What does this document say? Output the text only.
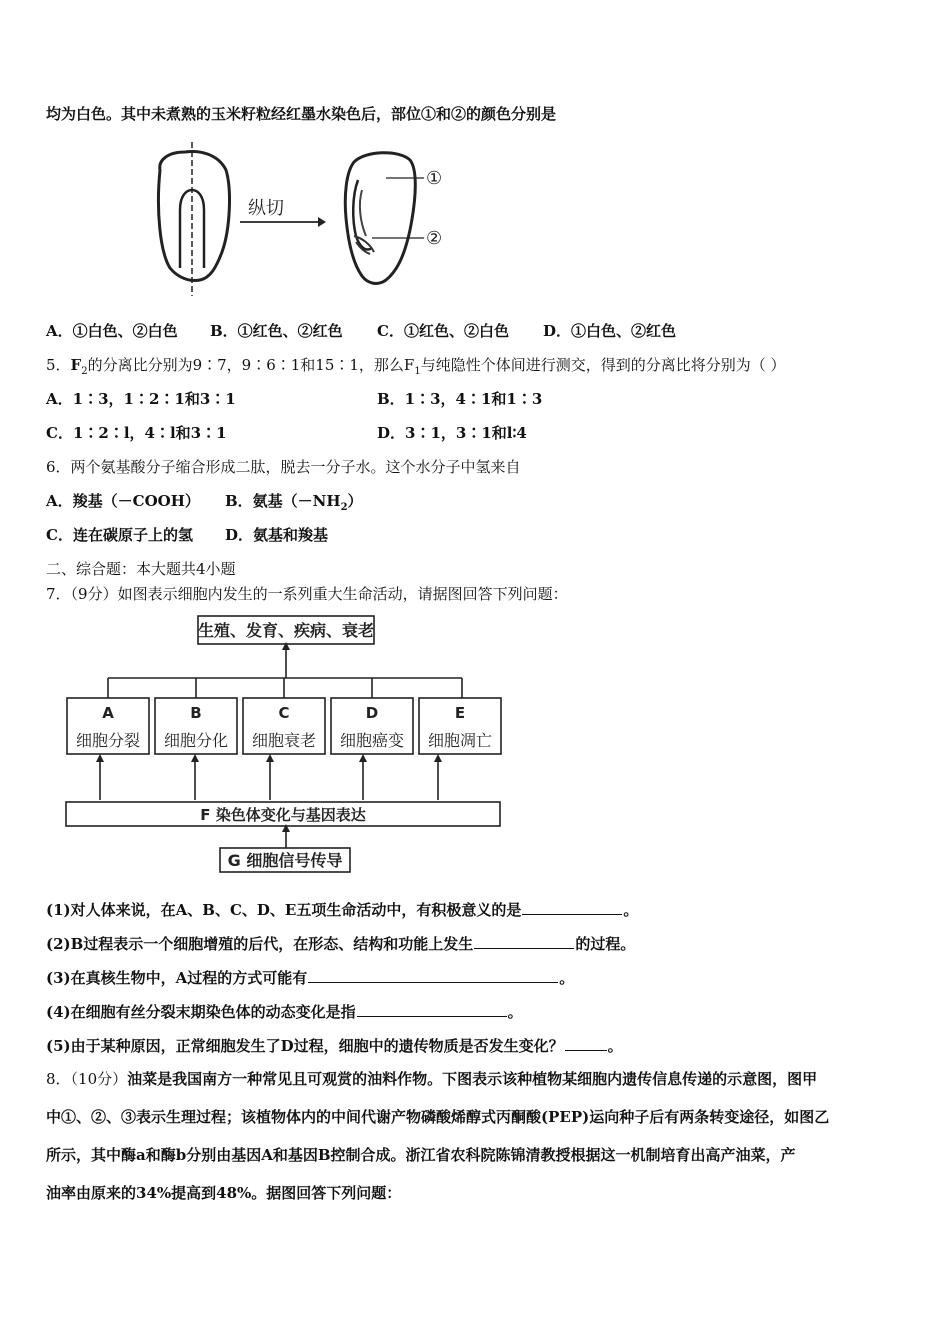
均为白色。其中未煮熟的玉米籽粒经红墨水染色后，部位①和②的颜色分别是
纵切
①
②
A．①白色、②白色 B．①红色、②红色 C．①红色、②白色 D．①白色、②红色
5．$F_2$的分离比分别为9∶7，9∶6∶1和15∶1，那么$F_1$与纯隐性个体间进行测交，得到的分离比将分别为（ ）
A．1∶3，1∶2∶1和3∶1	B．1∶3，4∶1和1∶3
C．1∶2∶l，4∶l和3∶1	D．3∶1，3∶1和l∶4
6．两个氨基酸分子缩合形成二肽，脱去一分子水。这个水分子中氢来自
A．羧基（－COOH） B．氨基$(-NH_2)$
C．连在碳原子上的氢 D．氨基和羧基
二、综合题：本大题共4小题
7．（9分）如图表示细胞内发生的一系列重大生命活动，请据图回答下列问题：
生殖、发育、疾病、衰老
A
细胞分裂
B
细胞分化
C
细胞衰老
D
细胞癌变
E
细胞凋亡
F 染色体变化与基因表达
G 细胞信号传导
(1)对人体来说，在A、B、C、D、E五项生命活动中，有积极意义的是	。
(2)B过程表示一个细胞增殖的后代，在形态、结构和功能上发生	的过程。
(3)在真核生物中，A过程的方式可能有	。
(4)在细胞有丝分裂末期染色体的动态变化是指	。
(5)由于某种原因，正常细胞发生了D过程，细胞中的遗传物质是否发生变化？	。
8．（10分）油菜是我国南方一种常见且可观赏的油料作物。下图表示该种植物某细胞内遗传信息传递的示意图，图甲
中①、②、③表示生理过程；该植物体内的中间代谢产物磷酸烯醇式丙酮酸(PEP)运向种子后有两条转变途径，如图乙
所示，其中酶a和酶b分别由基因A和基因B控制合成。浙江省农科院陈锦清教授根据这一机制培育出高产油菜，产
油率由原来的34%提高到48%。据图回答下列问题：
